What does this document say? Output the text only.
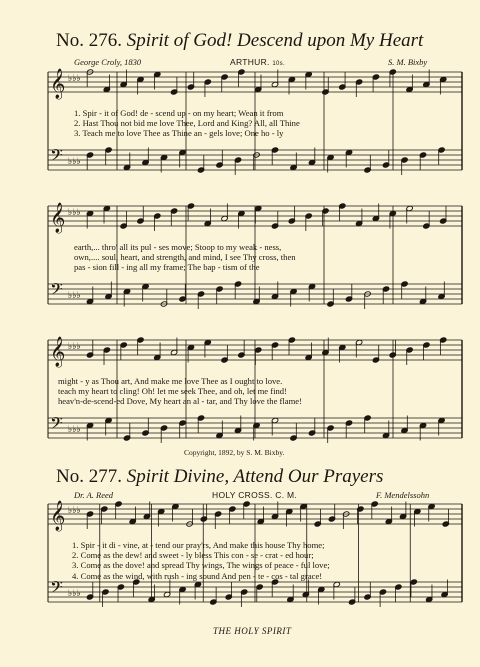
𝄞
𝄢
♭♭♭
♭♭♭
𝄞
𝄢
♭♭♭
♭♭♭
𝄞
𝄢
♭♭♭
♭♭♭
𝄞
𝄢
♭♭♭
♭♭♭
No. 276. Spirit of God! Descend upon My Heart
George Croly, 1830	ARTHUR. 10s.	S. M. Bixby
1. Spir - it of God! de - scend up - on my heart; Wean it from
2. Hast Thou not bid me love Thee, Lord and King? All, all Thine
3. Teach me to love Thee as Thine an - gels love; One ho - ly
earth,... thro' all its pul - ses move; Stoop to my weak - ness,
own,.... soul, heart, and strength, and mind, I see Thy cross, then
pas - sion fill - ing all my frame; The bap - tism of the
might - y as Thou art, And make me love Thee as I ought to love.
teach my heart to cling! Oh! let me seek Thee, and oh, let me find!
heav'n-de-scend-ed Dove, My heart an al - tar, and Thy love the flame!
Copyright, 1892, by S. M. Bixby.
No. 277. Spirit Divine, Attend Our Prayers
Dr. A. Reed	HOLY CROSS. C. M.	F. Mendelssohn
1. Spir - it di - vine, at - tend our pray'rs, And make this house Thy home;
2. Come as the dew! and sweet - ly bless This con - se - crat - ed hour;
3. Come as the dove! and spread Thy wings, The wings of peace - ful love;
4. Come as the wind, with rush - ing sound And pen - te - cos - tal grace!
THE HOLY SPIRIT
